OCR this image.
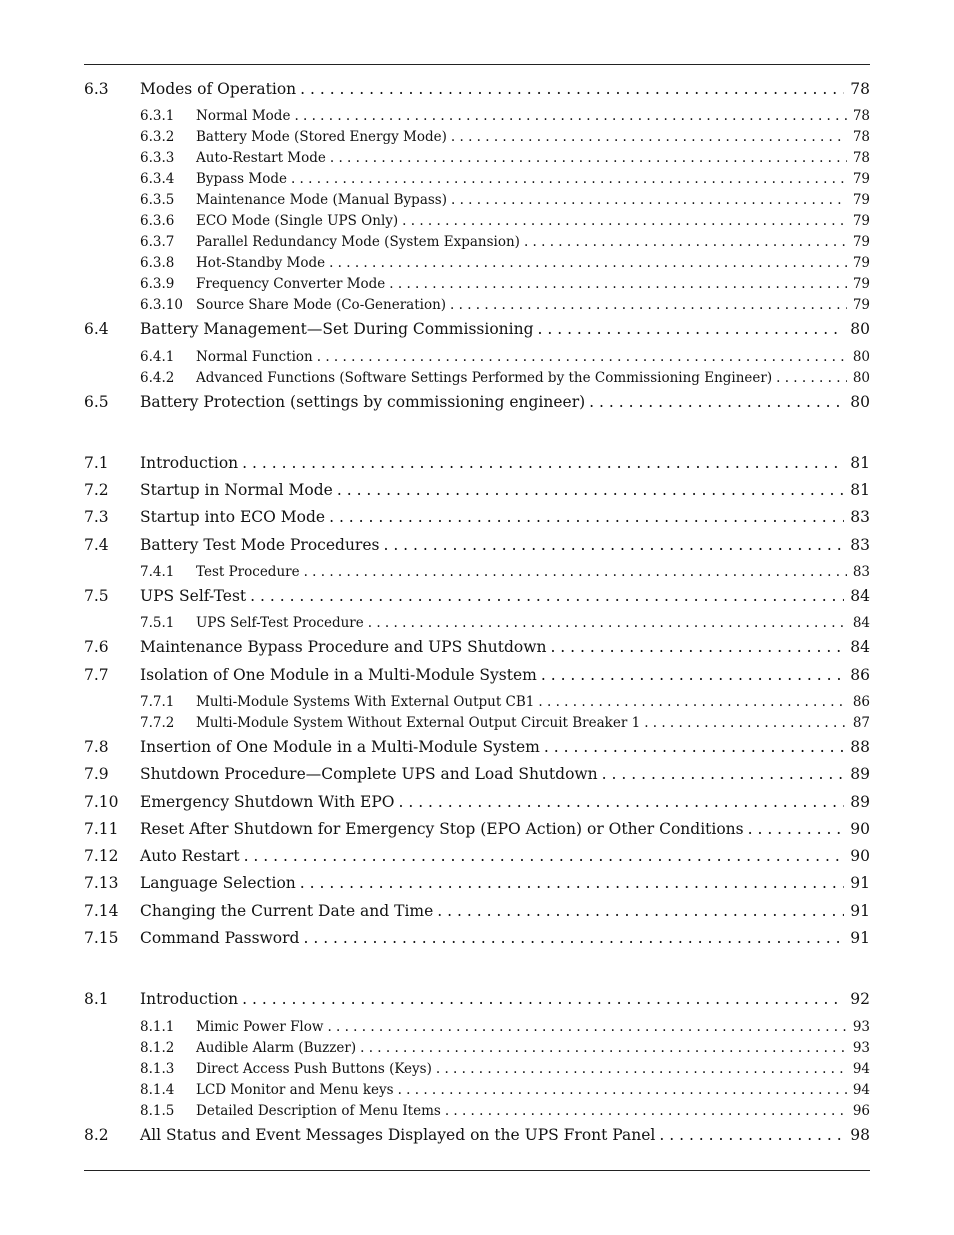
6.3	Modes of Operation . . .	78
6.3.1	Normal Mode . . .	78
6.3.2	Battery Mode (Stored Energy Mode) . . .	78
6.3.3	Auto-Restart Mode . . .	78
6.3.4	Bypass Mode . . .	79
6.3.5	Maintenance Mode (Manual Bypass) . . .	79
6.3.6	ECO Mode (Single UPS Only) . . .	79
6.3.7	Parallel Redundancy Mode (System Expansion) . . .	79
6.3.8	Hot-Standby Mode . . .	79
6.3.9	Frequency Converter Mode . . .	79
6.3.10 Source Share Mode (Co-Generation) . . .	79
6.4	Battery Management—Set During Commissioning . . .	80
6.4.1	Normal Function . . .	80
6.4.2	Advanced Functions (Software Settings Performed by the Commissioning Engineer) . . .	80
6.5	Battery Protection (settings by commissioning engineer) . . .	80
7.1	Introduction . . .	81
7.2	Startup in Normal Mode . . .	81
7.3	Startup into ECO Mode . . .	83
7.4	Battery Test Mode Procedures . . .	83
7.4.1	Test Procedure . . .	83
7.5	UPS Self-Test . . .	84
7.5.1	UPS Self-Test Procedure . . .	84
7.6	Maintenance Bypass Procedure and UPS Shutdown . . .	84
7.7	Isolation of One Module in a Multi-Module System . . .	86
7.7.1	Multi-Module Systems With External Output CB1 . . .	86
7.7.2	Multi-Module System Without External Output Circuit Breaker 1 . . .	87
7.8	Insertion of One Module in a Multi-Module System . . .	88
7.9	Shutdown Procedure—Complete UPS and Load Shutdown . . .	89
7.10	Emergency Shutdown With EPO . . .	89
7.11	Reset After Shutdown for Emergency Stop (EPO Action) or Other Conditions . . .	90
7.12	Auto Restart . . .	90
7.13	Language Selection . . .	91
7.14	Changing the Current Date and Time . . .	91
7.15	Command Password . . .	91
8.1	Introduction . . .	92
8.1.1	Mimic Power Flow . . .	93
8.1.2	Audible Alarm (Buzzer) . . .	93
8.1.3	Direct Access Push Buttons (Keys) . . .	94
8.1.4	LCD Monitor and Menu keys . . .	94
8.1.5	Detailed Description of Menu Items . . .	96
8.2	All Status and Event Messages Displayed on the UPS Front Panel . . .	98
